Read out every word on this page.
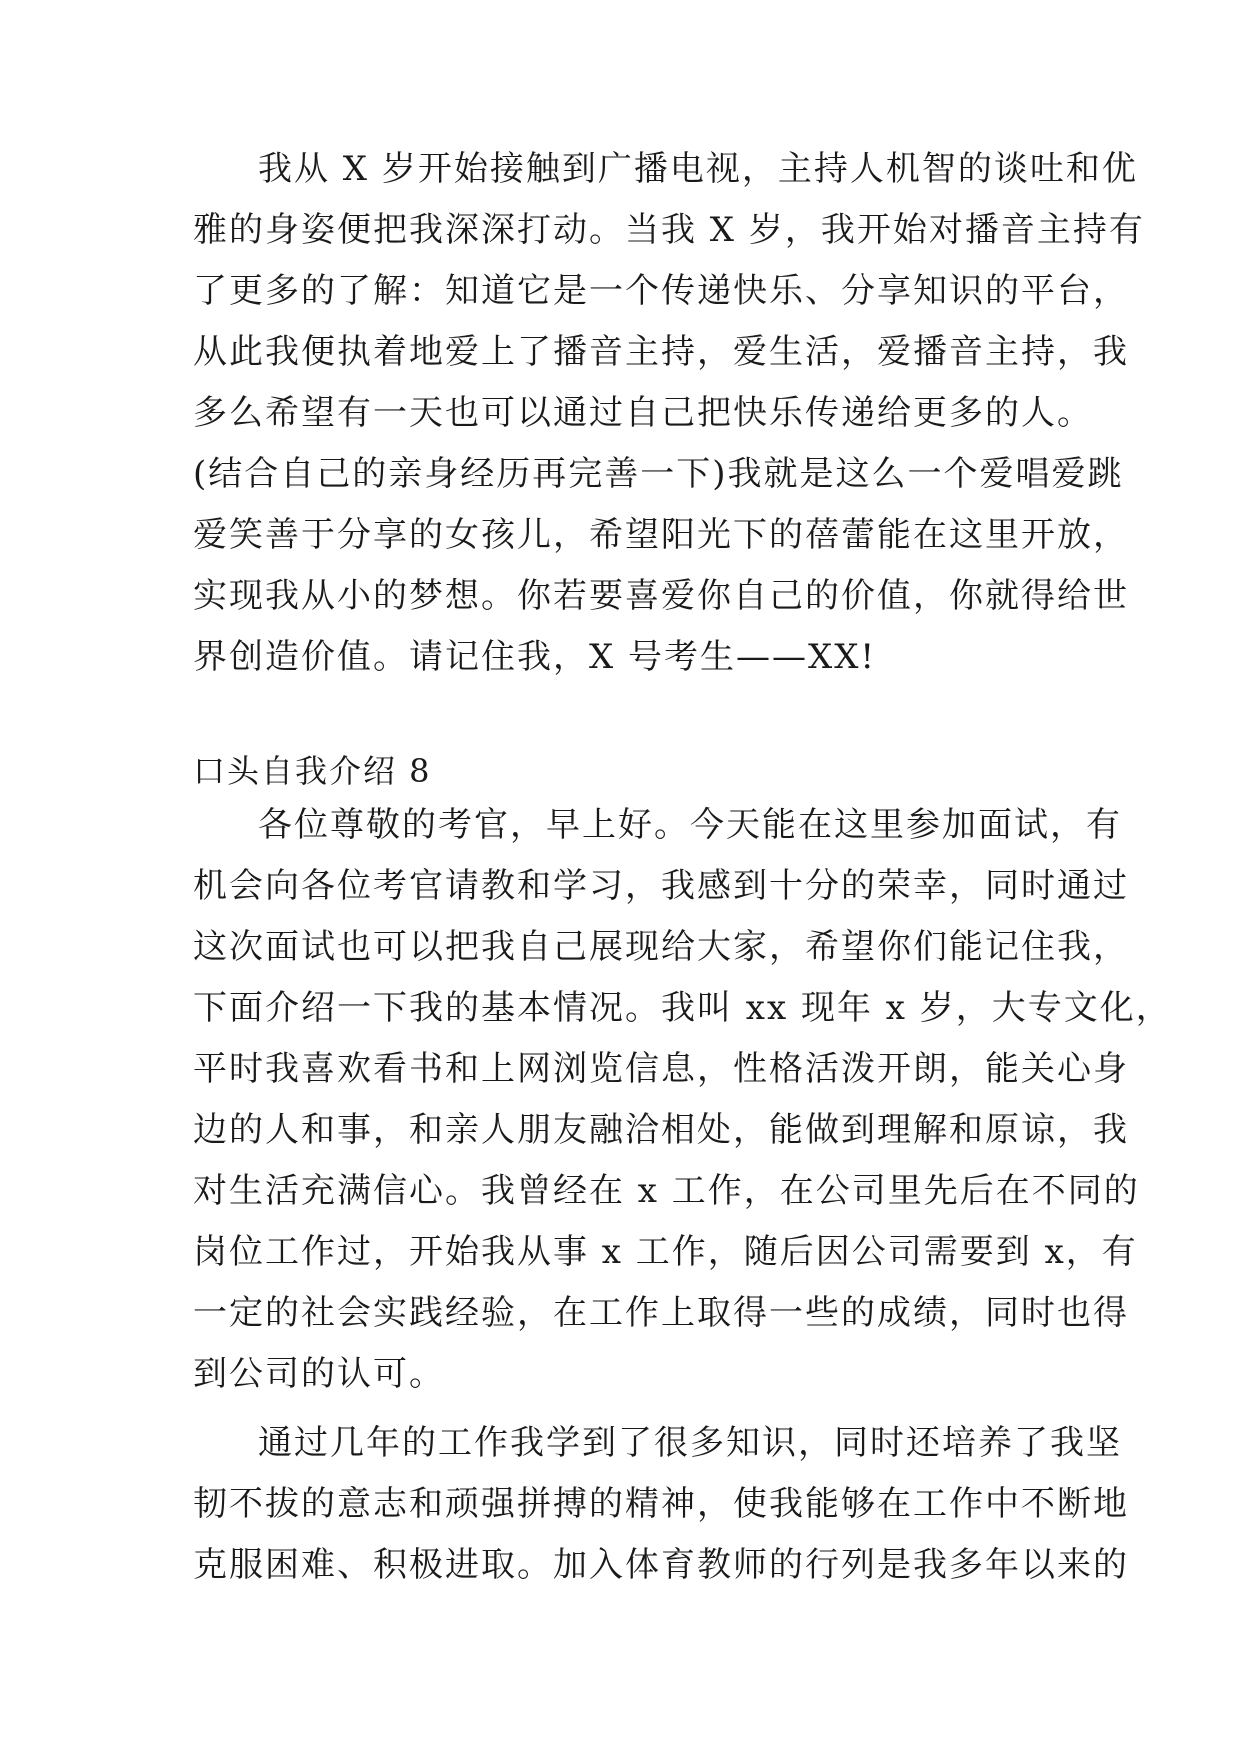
我从 X 岁开始接触到广播电视，主持人机智的谈吐和优
雅的身姿便把我深深打动。当我 X 岁，我开始对播音主持有
了更多的了解：知道它是一个传递快乐、分享知识的平台，
从此我便执着地爱上了播音主持，爱生活，爱播音主持，我
多么希望有一天也可以通过自己把快乐传递给更多的人。
(结合自己的亲身经历再完善一下)我就是这么一个爱唱爱跳
爱笑善于分享的女孩儿，希望阳光下的蓓蕾能在这里开放，
实现我从小的梦想。你若要喜爱你自己的价值，你就得给世
界创造价值。请记住我，X 号考生——XX!
口头自我介绍 8
各位尊敬的考官，早上好。今天能在这里参加面试，有
机会向各位考官请教和学习，我感到十分的荣幸，同时通过
这次面试也可以把我自己展现给大家，希望你们能记住我，
下面介绍一下我的基本情况。我叫 xx 现年 x 岁，大专文化，
平时我喜欢看书和上网浏览信息，性格活泼开朗，能关心身
边的人和事，和亲人朋友融洽相处，能做到理解和原谅，我
对生活充满信心。我曾经在 x 工作，在公司里先后在不同的
岗位工作过，开始我从事 x 工作，随后因公司需要到 x，有
一定的社会实践经验，在工作上取得一些的成绩，同时也得
到公司的认可。
通过几年的工作我学到了很多知识，同时还培养了我坚
韧不拔的意志和顽强拼搏的精神，使我能够在工作中不断地
克服困难、积极进取。加入体育教师的行列是我多年以来的
